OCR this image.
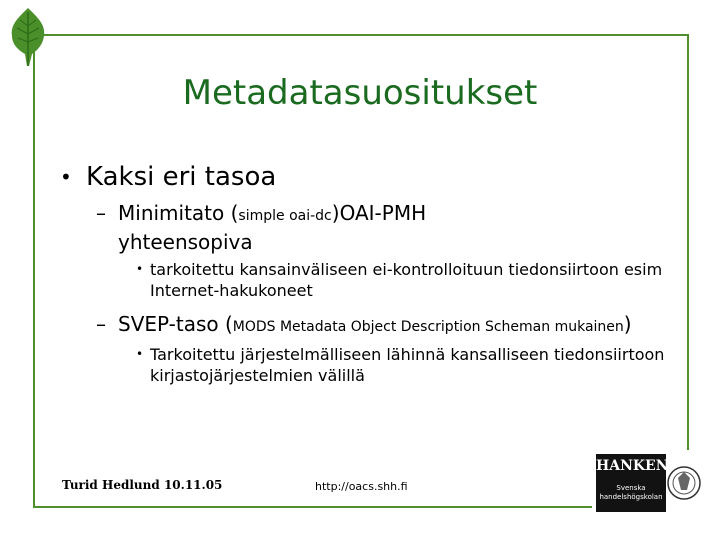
Metadatasuositukset
• Kaksi eri tasoa
– Minimitato (simple oai-dc)OAI-PMH
yhteensopiva
• tarkoitettu kansainväliseen ei-kontrolloituun tiedonsiirtoon esim Internet-hakukoneet
– SVEP-taso (MODS Metadata Object Description Scheman mukainen)
• Tarkoitettu järjestelmälliseen lähinnä kansalliseen tiedonsiirtoon kirjastojärjestelmien välillä
Turid Hedlund 10.11.05	http://oacs.shh.fi
HANKEN
Svenska
handelshögskolan
